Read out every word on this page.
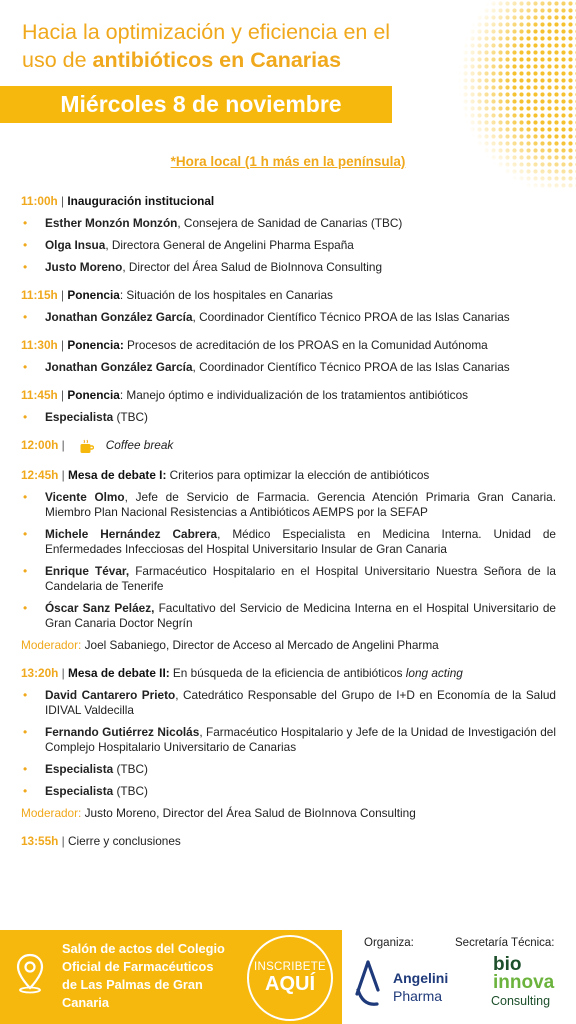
Hacia la optimización y eficiencia en el
uso de antibióticos en Canarias
Miércoles 8 de noviembre
*Hora local (1 h más en la península)
11:00h | Inauguración institucional
• Esther Monzón Monzón, Consejera de Sanidad de Canarias (TBC)
• Olga Insua, Directora General de Angelini Pharma España
• Justo Moreno, Director del Área Salud de BioInnova Consulting
11:15h | Ponencia: Situación de los hospitales en Canarias
• Jonathan González García, Coordinador Científico Técnico PROA de las Islas Canarias
11:30h | Ponencia: Procesos de acreditación de los PROAS en la Comunidad Autónoma
• Jonathan González García, Coordinador Científico Técnico PROA de las Islas Canarias
11:45h | Ponencia: Manejo óptimo e individualización de los tratamientos antibióticos
• Especialista (TBC)
12:00h
|	Coffee break
12:45h | Mesa de debate I: Criterios para optimizar la elección de antibióticos
• Vicente Olmo, Jefe de Servicio de Farmacia. Gerencia Atención Primaria Gran Canaria. Miembro Plan Nacional Resistencias a Antibióticos AEMPS por la SEFAP
• Michele Hernández Cabrera, Médico Especialista en Medicina Interna. Unidad de Enfermedades Infecciosas del Hospital Universitario Insular de Gran Canaria
• Enrique Tévar, Farmacéutico Hospitalario en el Hospital Universitario Nuestra Señora de la Candelaria de Tenerife
• Óscar Sanz Peláez, Facultativo del Servicio de Medicina Interna en el Hospital Universitario de Gran Canaria Doctor Negrín
Moderador: Joel Sabaniego, Director de Acceso al Mercado de Angelini Pharma
13:20h | Mesa de debate II: En búsqueda de la eficiencia de antibióticos long acting
• David Cantarero Prieto, Catedrático Responsable del Grupo de I+D en Economía de la Salud IDIVAL Valdecilla
• Fernando Gutiérrez Nicolás, Farmacéutico Hospitalario y Jefe de la Unidad de Investigación del Complejo Hospitalario Universitario de Canarias
• Especialista (TBC)
• Especialista (TBC)
Moderador: Justo Moreno, Director del Área Salud de BioInnova Consulting
13:55h | Cierre y conclusiones
Salón de actos del Colegio
Oficial de Farmacéuticos
de Las Palmas de Gran
Canaria
INSCRIBETE
AQUÍ
Organiza:	Secretaría Técnica:
Angelini
Pharma
bio
innova
Consulting
